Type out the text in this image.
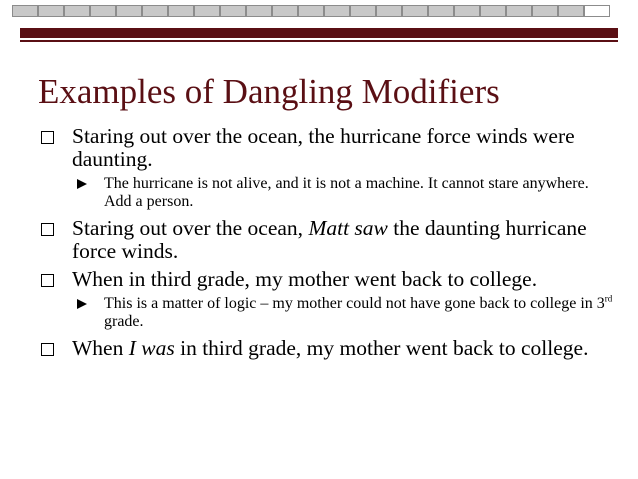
Examples of Dangling Modifiers
Staring out over the ocean, the hurricane force winds were daunting.
The hurricane is not alive, and it is not a machine. It cannot stare anywhere. Add a person.
Staring out over the ocean, Matt saw the daunting hurricane force winds.
When in third grade, my mother went back to college.
This is a matter of logic – my mother could not have gone back to college in 3rd grade.
When I was in third grade, my mother went back to college.
